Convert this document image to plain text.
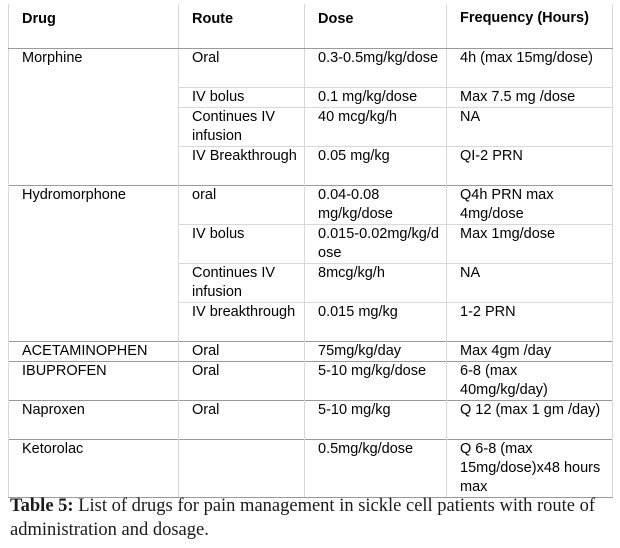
Drug	Route	Dose	Frequency (Hours)
Morphine	Oral	0.3-0.5mg/kg/dose	4h (max 15mg/dose)
	IV bolus	0.1 mg/kg/dose	Max 7.5 mg /dose
	Continues IV infusion	40 mcg/kg/h	NA
	IV Breakthrough	0.05 mg/kg	QI-2 PRN
Hydromorphone	oral	0.04-0.08 mg/kg/dose	Q4h PRN max 4mg/dose
	IV bolus	0.015-0.02mg/kg/dose	Max 1mg/dose
	Continues IV infusion	8mcg/kg/h	NA
	IV breakthrough	0.015 mg/kg	1-2 PRN
ACETAMINOPHEN	Oral	75mg/kg/day	Max 4gm /day
IBUPROFEN	Oral	5-10 mg/kg/dose	6-8 (max 40mg/kg/day)
Naproxen	Oral	5-10 mg/kg	Q 12 (max 1 gm /day)
Ketorolac		0.5mg/kg/dose	Q 6-8 (max 15mg/dose)x48 hours max
Table 5: List of drugs for pain management in sickle cell patients with route of administration and dosage.
